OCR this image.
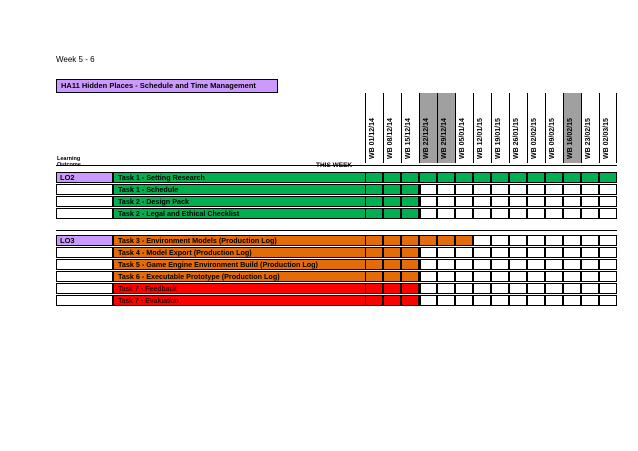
Week 5 - 6
HA11 Hidden Places - Schedule and Time Management
WB 01/12/14 WB 08/12/14 WB 15/12/14 WB 22/12/14 WB 29/12/14 WB 05/01/14 WB 12/01/15 WB 19/01/15 WB 26/01/15 WB 02/02/15 WB 09/02/15 WB 16/02/15 WB 23/02/15 WB 02/03/15
Learning
LO2	Task 1 - Setting Research
Task 1 - Schedule
Task 2 - Design Pack
Task 2 - Legal and Ethical Checklist
LO3	Task 3 - Environment Models (Production Log)
Task 4 - Model Export (Production Log)
Task 5 - Game Engine Environment Build (Production Log)
Task 6 - Executable Prototype (Production Log)
Task 7 - Feedback
Task 7 - Evaluation
